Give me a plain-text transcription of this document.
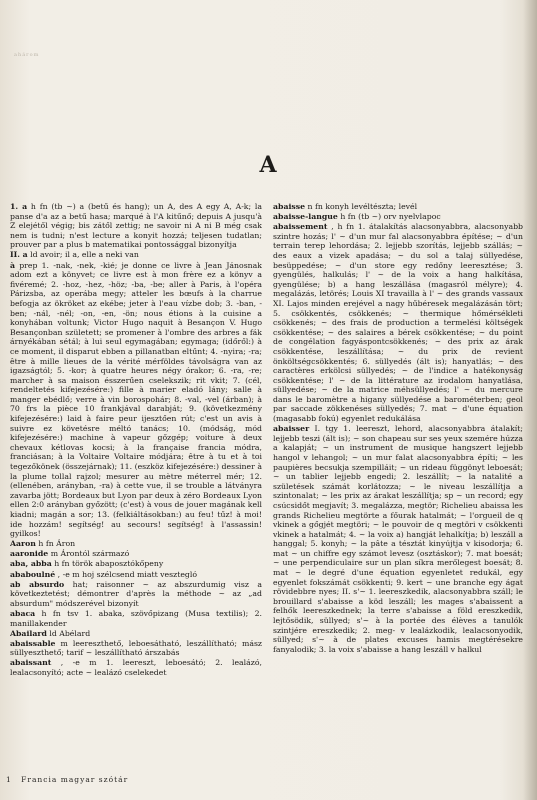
ahárom
A

1. a h fn (tb ~) a (betű és hang); un A, des A egy A, A-k; la panse d'a az a betű hasa; marqué à l'A kitűnő; depuis A jusqu'à Z elejétől végig; bis zátől zettig; ne savoir ni A ni B még csak nem is tudni; n'est lecture a konyit hozzá; teljesen tudatlan; prouver par a plus b matematikai pontossággal bizonyítja

II. a ld avoir; il a, elle a neki van

à prep 1. -nak, -nek, -kié; je donne ce livre à Jean Jánosnak adom ezt a könyvet; ce livre est à mon frère ez a könyv a fivéremé; 2. -hoz, -hez, -höz; -ba, -be; aller à Paris, à l'opéra Párizsba, az operába megy; atteler les bœufs à la charrue befogja az ökröket az ekébe; jeter à l'eau vízbe dob; 3. -ban, -ben; -nál, -nél; -on, -en, -ön; nous étions à la cuisine a konyhában voltunk; Victor Hugo naquit à Besançon V. Hugo Besançonban született; se promener à l'ombre des arbres a fák árnyékában sétál; à lui seul egymagában; egymaga; (időről:) à ce moment, il disparut ebben a pillanatban eltűnt; 4. -nyira; -ra; être à mille lieues de la vérité mérföldes távolságra van az igazságtól; 5. -kor; à quatre heures négy órakor; 6. -ra, -re; marcher à sa maison ésszerűen cselekszik; rit vkit; 7. (cél, rendeltetés kifejezésére:) fille à marier eladó lány; salle à manger ebédlő; verre à vin borospohár; 8. -val, -vel (árban); à 70 frs la pièce 10 frankjával darabját; 9. (következmény kifejezésére:) laid à faire peur ijesztően rút; c'est un avis à suivre ez követésre méltó tanács; 10. (módság, mód kifejezésére:) machine à vapeur gőzgép; voiture à deux chevaux kétlovas kocsi; à la française francia módra, franciásan; à la Voltaire Voltaire módjára; être à tu et à toi tegezőkönek (összejárnak); 11. (eszköz kifejezésére:) dessiner à la plume tollal rajzol; mesurer au mètre méterrel mér; 12. (ellenében, arányban, -ra) à cette vue, il se trouble a látványra zavarba jött; Bordeaux but Lyon par deux à zéro Bordeaux Lyon ellen 2:0 arányban győzött; (c'est) à vous de jouer magának kell kiadni; magán a sor; 13. (felkiáltásokban:) au feu! tűz! à moi! ide hozzám! segítség! au secours! segítség! à l'assassin! gyilkos!

Aaron h fn Áron

aaronide m Árontól származó

aba, abba h fn török abaposztókőpeny

ababoulné , -e m hoj szélcsend miatt vesztegló

ab absurdo hat; raisonner ~ az abszurdumig visz a következtetést; démontrer d'après la méthode ~ az „ad absurdum" módszerével bizonyít

abaca h fn tsv 1. abaka, szövőpizang (Musa textilis); 2. manillakender

Abailard ld Abélard

abaissable m leereszthető, leboesátható, leszállítható; mász süllyeszthető; tarif ~ leszállítható árszabás

abaissant , -e m 1. leereszt, leboesátó; 2. lealázó, lealacsonyító; acte ~ lealázó cselekedet

abaisse n fn konyh levéltészta; levél

abaisse-langue h fn (tb ~) orv nyelvlapoc

abaissement , h fn 1. átalakítás alacsonyabbra, alacsonyabb szintre hozás; l' ~ d'un mur fal alacsonyabbra építése; ~ d'un terrain terep lehordása; 2. lejjebb szorítás, lejjebb szállás; ~ des eaux a vizek apadása; ~ du sol a talaj süllyedése, besüppedése; ~ d'un store egy redőny leeresztése; 3. gyengülés, halkulás; l' ~ de la voix a hang halkítása, gyengülése; b) a hang leszállása (magasról mélyre); 4. megalázás, letörés; Louis XI travailla à l' ~ des grands vassaux XI. Lajos minden erejével a nagy hűbéresek megalázásán tört; 5. csökkentés, csökkenés; ~ thermique hőmérsékleti csökkenés; ~ des frais de production a termelési költségek csökkentése; ~ des salaires a bérek csökkentése; ~ du point de congélation fagyáspontcsökkenés; ~ des prix az árak csökkentése, leszállítása; ~ du prix de revient önköltségcsökkentés; 6. süllyedés (ált is); hanyatlás; ~ des caractères erkölcsi süllyedés; ~ de l'indice a hatékonyság csökkentése; l' ~ de la littérature az irodalom hanyatlása, süllyedése; ~ de la matrice méhsüllyedés; l' ~ du mercure dans le baromètre a higany süllyedése a barométerben; geol par saccade zökkenéses süllyedés; 7. mat ~ d'une équation (magasabb fokú) egyenlet redukálása

abaisser I. tgy 1. leereszt, lehord, alacsonyabbra átalakít; lejjebb teszi (ált is); ~ son chapeau sur ses yeux szemére húzza a kalapját; ~ un instrument de musique hangszert lejjebb hangol v lehangol; ~ un mur falat alacsonyabbra építi; ~ les paupières becsukja szempilláit; ~ un rideau függönyt leboesát; ~ un tablier lejjebb engedi; 2. leszállít; ~ la natalité a születések számát korlátozza; ~ le niveau leszállítja a szintonalat; ~ les prix az árakat leszállítja; sp ~ un record; egy csúcsidőt megjavít; 3. megalázza, megtör; Richelieu abaissa les grands Richelieu megtörte a főurak hatalmát; ~ l'orgueil de q vkinek a gőgjét megtöri; ~ le pouvoir de q megtöri v csökkenti vkinek a hatalmát; 4. ~ la voix a) hangját lehalkítja; b) leszáll a hanggal; 5. konyh; ~ la pâte a tésztát kinyújtja v kisodorja; 6. mat ~ un chiffre egy számot levesz (osztáskor); 7. mat boesát; ~ une perpendiculaire sur un plan síkra merőlegest boesát; 8. mat ~ le degré d'une équation egyenletet redukál, egy egyenlet fokszámát csökkenti; 9. kert ~ une branche egy ágat rövidebbre nyes; II. s'~ 1. leereszkedik, alacsonyabbra száll; le brouillard s'abaisse a köd leszáll; les mages s'abaissent a felhők leereszkednek; la terre s'abaisse a föld ereszkedik, lejtősödik, süllyed; s'~ à la portée des élèves a tanulók szintjére ereszkedik; 2. meg- v lealázkodik, lealacsonyodik, süllyed; s'~ à de plates excuses hamis megtérésekre fanyalodik; 3. la voix s'abaisse a hang leszáll v halkul

1 Francia magyar szótár
